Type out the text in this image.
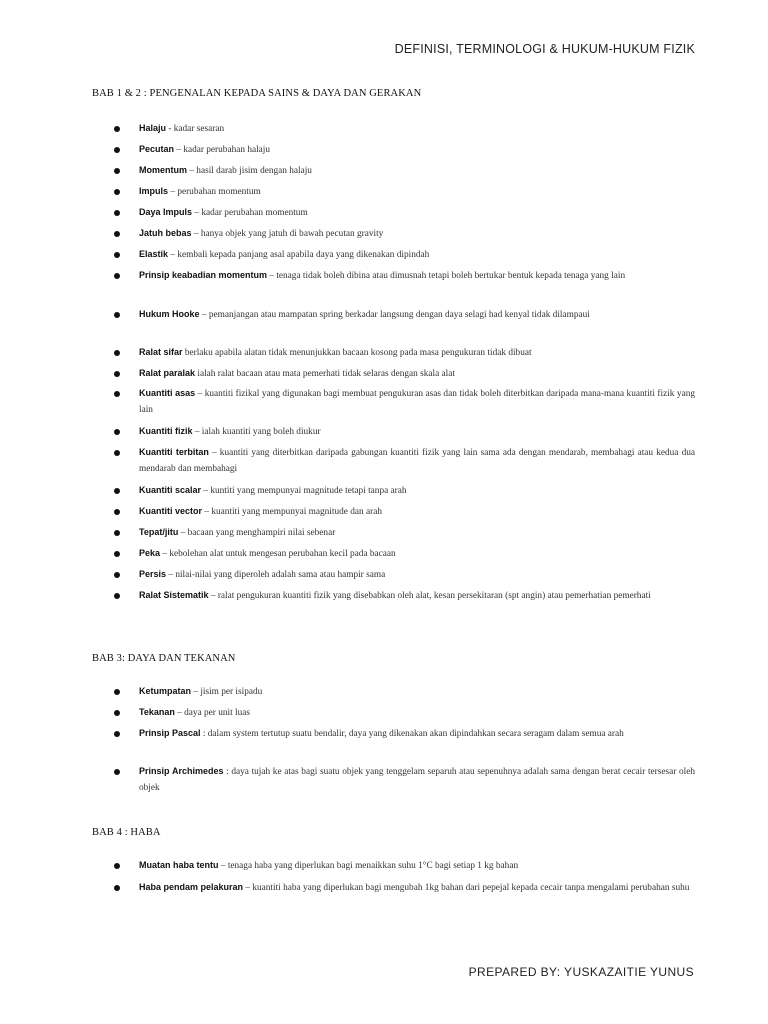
DEFINISI, TERMINOLOGI & HUKUM-HUKUM FIZIK
BAB 1 & 2 : PENGENALAN KEPADA SAINS & DAYA DAN GERAKAN
Halaju - kadar sesaran
Pecutan – kadar perubahan halaju
Momentum – hasil darab jisim dengan halaju
Impuls – perubahan momentum
Daya Impuls – kadar perubahan momentum
Jatuh bebas – hanya objek yang jatuh di bawah pecutan gravity
Elastik – kembali kepada panjang asal apabila daya yang dikenakan dipindah
Prinsip keabadian momentum – tenaga tidak boleh dibina atau dimusnah tetapi boleh bertukar bentuk kepada tenaga yang lain
Hukum Hooke – pemanjangan atau mampatan spring berkadar langsung dengan daya selagi had kenyal tidak dilampaui
Ralat sifar berlaku apabila alatan tidak menunjukkan bacaan kosong pada masa pengukuran tidak dibuat
Ralat paralak ialah ralat bacaan atau mata pemerhati tidak selaras dengan skala alat
Kuantiti asas – kuantiti fizikal yang digunakan bagi membuat pengukuran asas dan tidak boleh diterbitkan daripada mana-mana kuantiti fizik yang lain
Kuantiti fizik – ialah kuantiti yang boleh diukur
Kuantiti terbitan – kuantiti yang diterbitkan daripada gabungan kuantiti fizik yang lain sama ada dengan mendarab, membahagi atau kedua dua mendarab dan membahagi
Kuantiti scalar – kuntiti yang mempunyai magnitude tetapi tanpa arah
Kuantiti vector – kuantiti yang mempunyai magnitude dan arah
Tepat/jitu – bacaan yang menghampiri nilai sebenar
Peka – kebolehan alat untuk mengesan perubahan kecil pada bacaan
Persis – nilai-nilai yang diperoleh adalah sama atau hampir sama
Ralat Sistematik – ralat pengukuran kuantiti fizik yang disebabkan oleh alat, kesan persekitaran (spt angin) atau pemerhatian pemerhati
BAB 3: DAYA DAN TEKANAN
Ketumpatan – jisim per isipadu
Tekanan – daya per unit luas
Prinsip Pascal : dalam system tertutup suatu bendalir, daya yang dikenakan akan dipindahkan secara seragam dalam semua arah
Prinsip Archimedes : daya tujah ke atas bagi suatu objek yang tenggelam separuh atau sepenuhnya adalah sama dengan berat cecair tersesar oleh objek
BAB 4 : HABA
Muatan haba tentu – tenaga haba yang diperlukan bagi menaikkan suhu 1°C bagi setiap 1 kg bahan
Haba pendam pelakuran – kuantiti haba yang diperlukan bagi mengubah 1kg bahan dari pepejal kepada cecair tanpa mengalami perubahan suhu
PREPARED BY: YUSKAZAITIE YUNUS
